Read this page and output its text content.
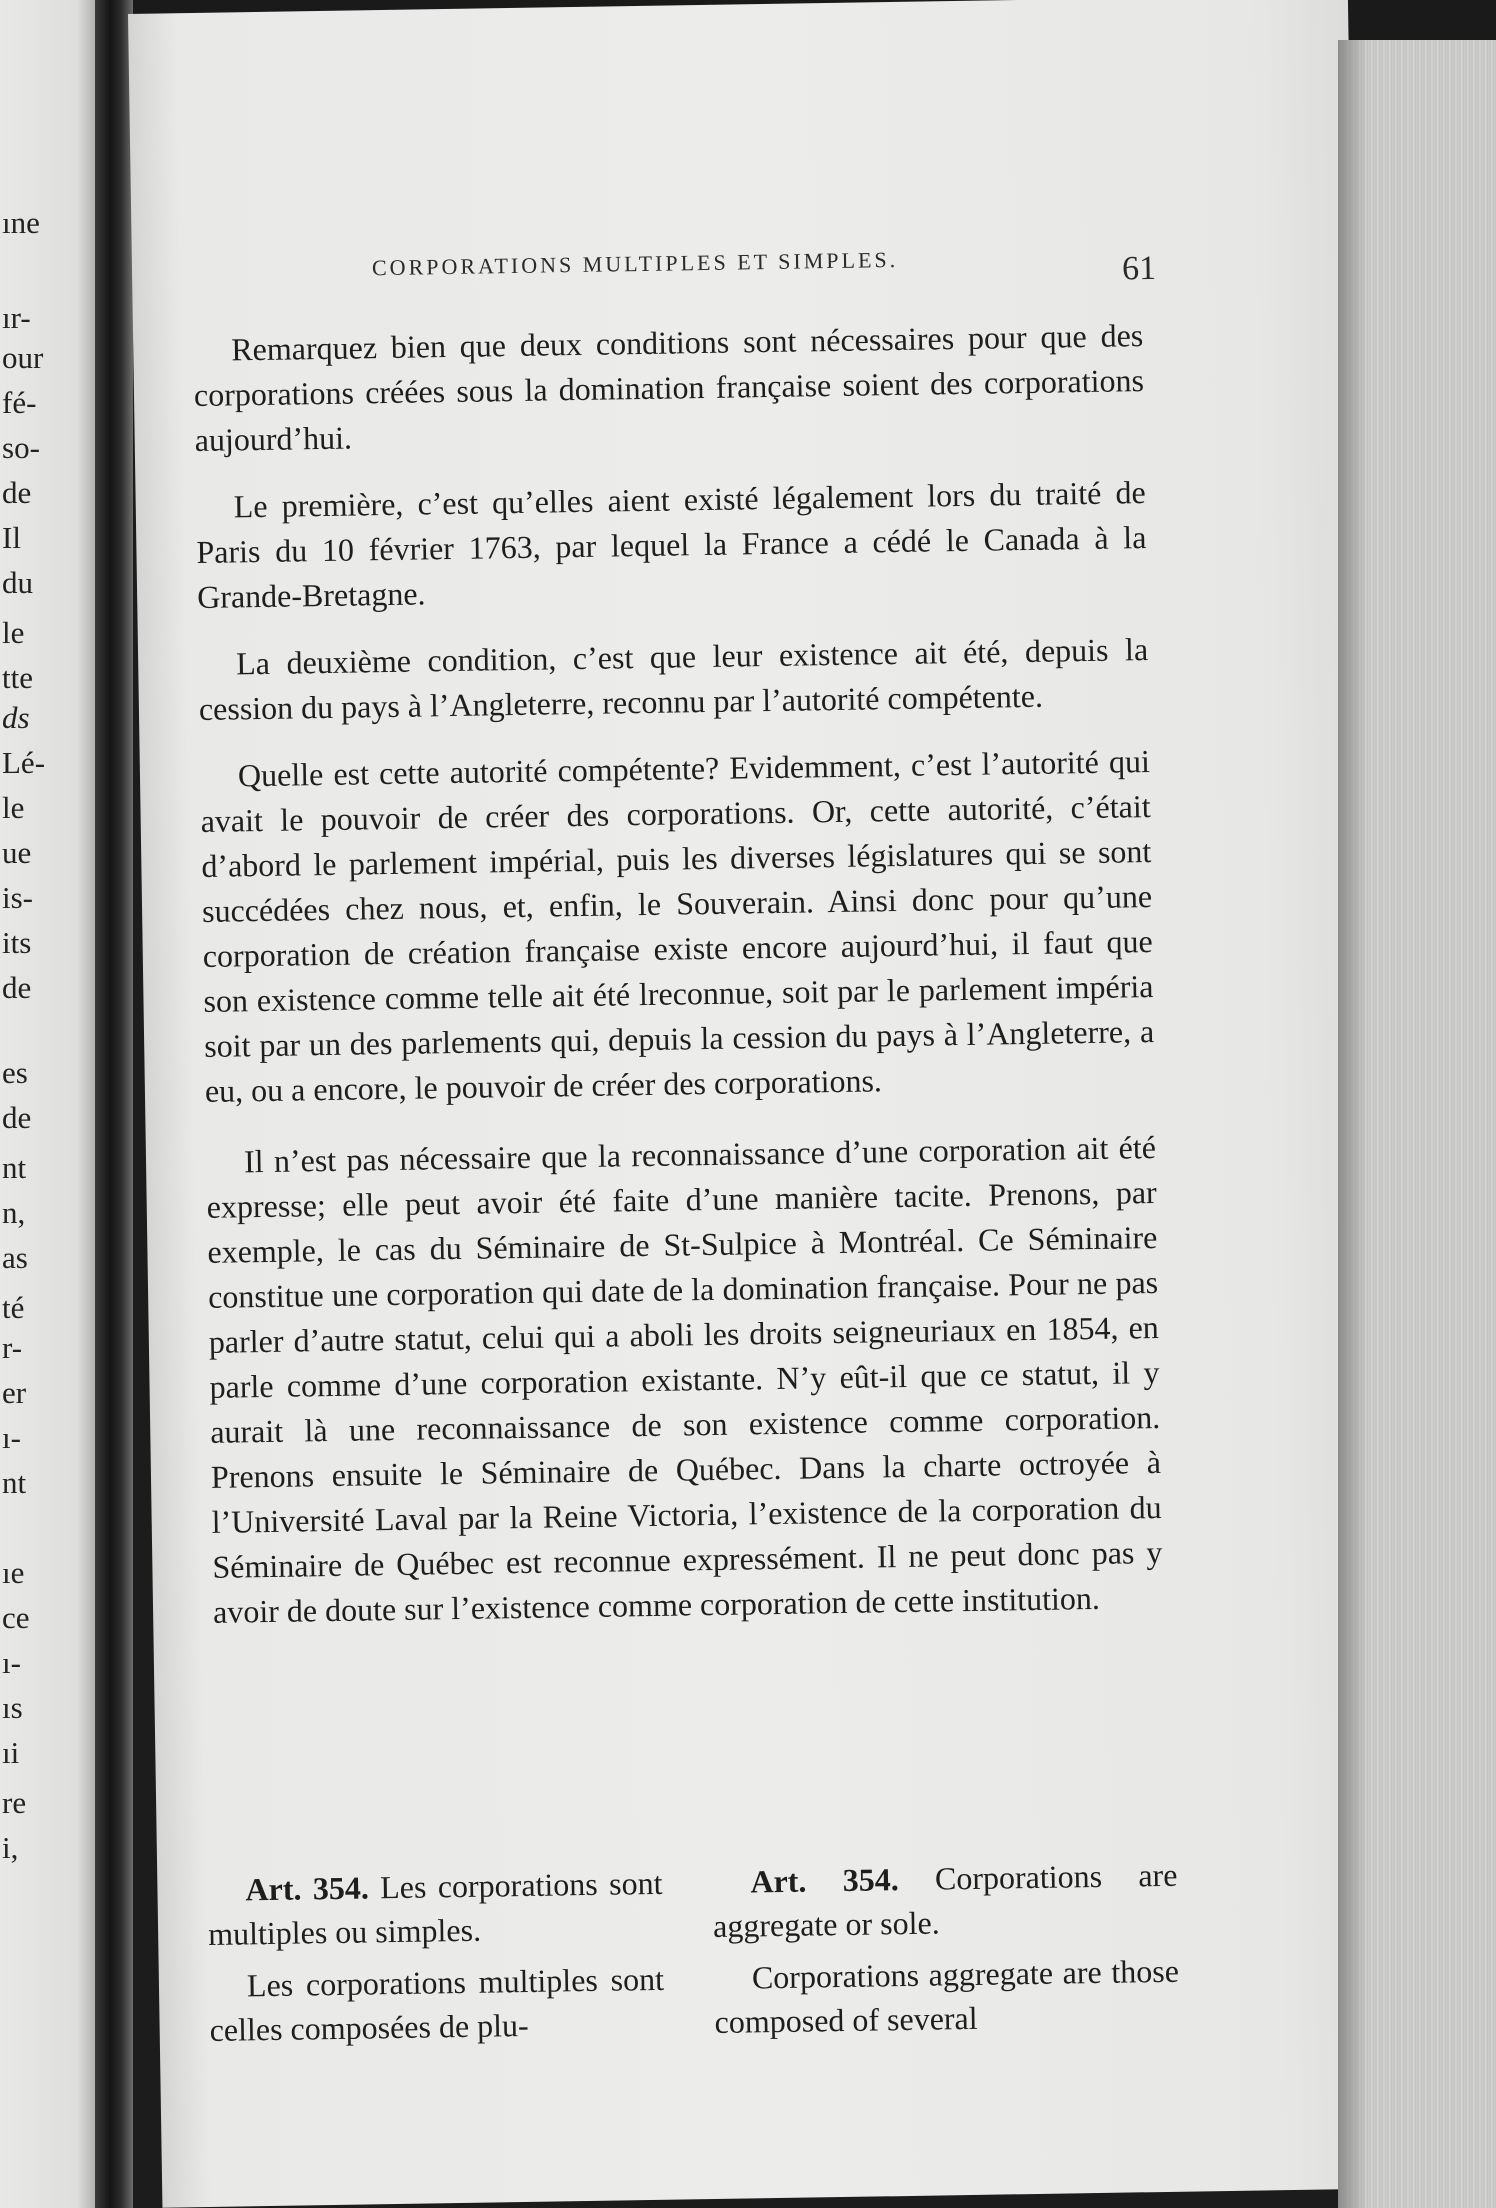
ıne
ır-
our
fé-
so-
de
Il
du
le
tte
ds
Lé-
le
ue
is-
its
de
es
de
nt
n,
as
té
r-
er
ı-
nt
ıe
ce
ı-
ıs
ıi
re
i,
CORPORATIONS MULTIPLES ET SIMPLES.	61

Remarquez bien que deux conditions sont nécessaires pour que des corporations créées sous la domination française soient des corporations aujourd’hui.

Le première, c’est qu’elles aient existé légalement lors du traité de Paris du 10 février 1763, par lequel la France a cédé le Canada à la Grande-Bretagne.

La deuxième condition, c’est que leur existence ait été, depuis la cession du pays à l’Angleterre, reconnu par l’autorité compétente.

Quelle est cette autorité compétente? Evidemment, c’est l’autorité qui avait le pouvoir de créer des corporations. Or, cette autorité, c’était d’abord le parlement impérial, puis les diverses législatures qui se sont succédées chez nous, et, enfin, le Souverain. Ainsi donc pour qu’une corporation de création française existe encore aujourd’hui, il faut que son existence comme telle ait été lreconnue, soit par le parlement impéria soit par un des parlements qui, depuis la cession du pays à l’Angleterre, a eu, ou a encore, le pouvoir de créer des corporations.

Il n’est pas nécessaire que la reconnaissance d’une corporation ait été expresse; elle peut avoir été faite d’une manière tacite. Prenons, par exemple, le cas du Séminaire de St-Sulpice à Montréal. Ce Séminaire constitue une corporation qui date de la domination française. Pour ne pas parler d’autre statut, celui qui a aboli les droits seigneuriaux en 1854, en parle comme d’une corporation existante. N’y eût-il que ce statut, il y aurait là une reconnaissance de son existence comme corporation. Prenons ensuite le Séminaire de Québec. Dans la charte octroyée à l’Université Laval par la Reine Victoria, l’existence de la corporation du Séminaire de Québec est reconnue expressément. Il ne peut donc pas y avoir de doute sur l’existence comme corporation de cette institution.

Art. 354. Les corporations sont multiples ou simples.

Les corporations multiples sont celles composées de plu-

Art. 354. Corporations are aggregate or sole.

Corporations aggregate are those composed of several
